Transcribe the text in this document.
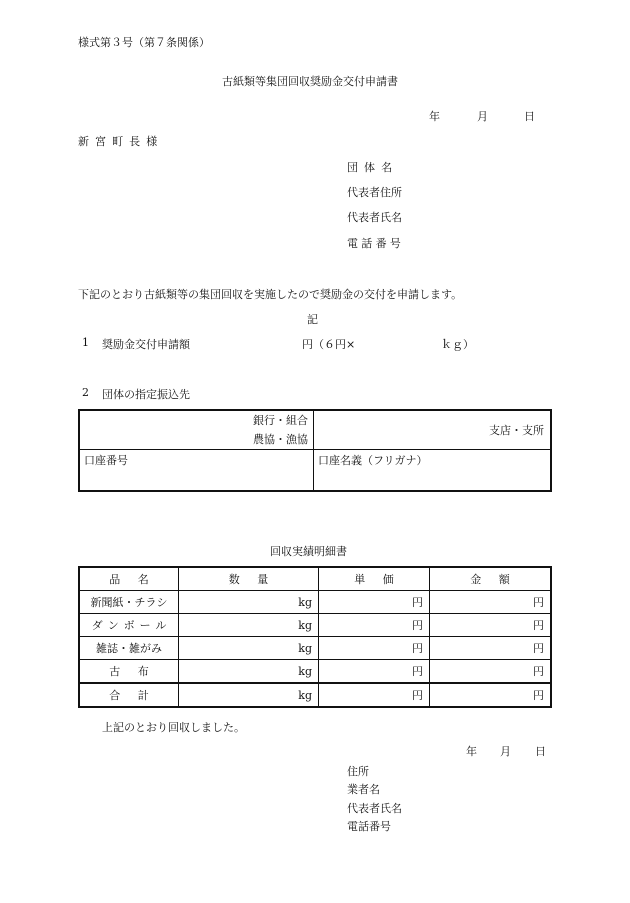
様式第３号（第７条関係）
古紙類等集団回収奨励金交付申請書
年	月	日
新宮町長様
団体名
代表者住所
代表者氏名
電話番号
下記のとおり古紙類等の集団回収を実施したので奨励金の交付を申請します。
記
1 奨励金交付申請額	円（６円×	ｋｇ）
2 団体の指定振込先
銀行・組合
農協・漁協	支店・支所
口座番号	口座名義（フリガナ）
回収実績明細書
品名	数量	単価	金額
新聞紙・チラシ	kg	円	円
ダンボール	kg	円	円
雑誌・雑がみ	kg	円	円
古布	kg	円	円
合計	kg	円	円
上記のとおり回収しました。
年 月 日
住所
業者名
代表者氏名
電話番号
